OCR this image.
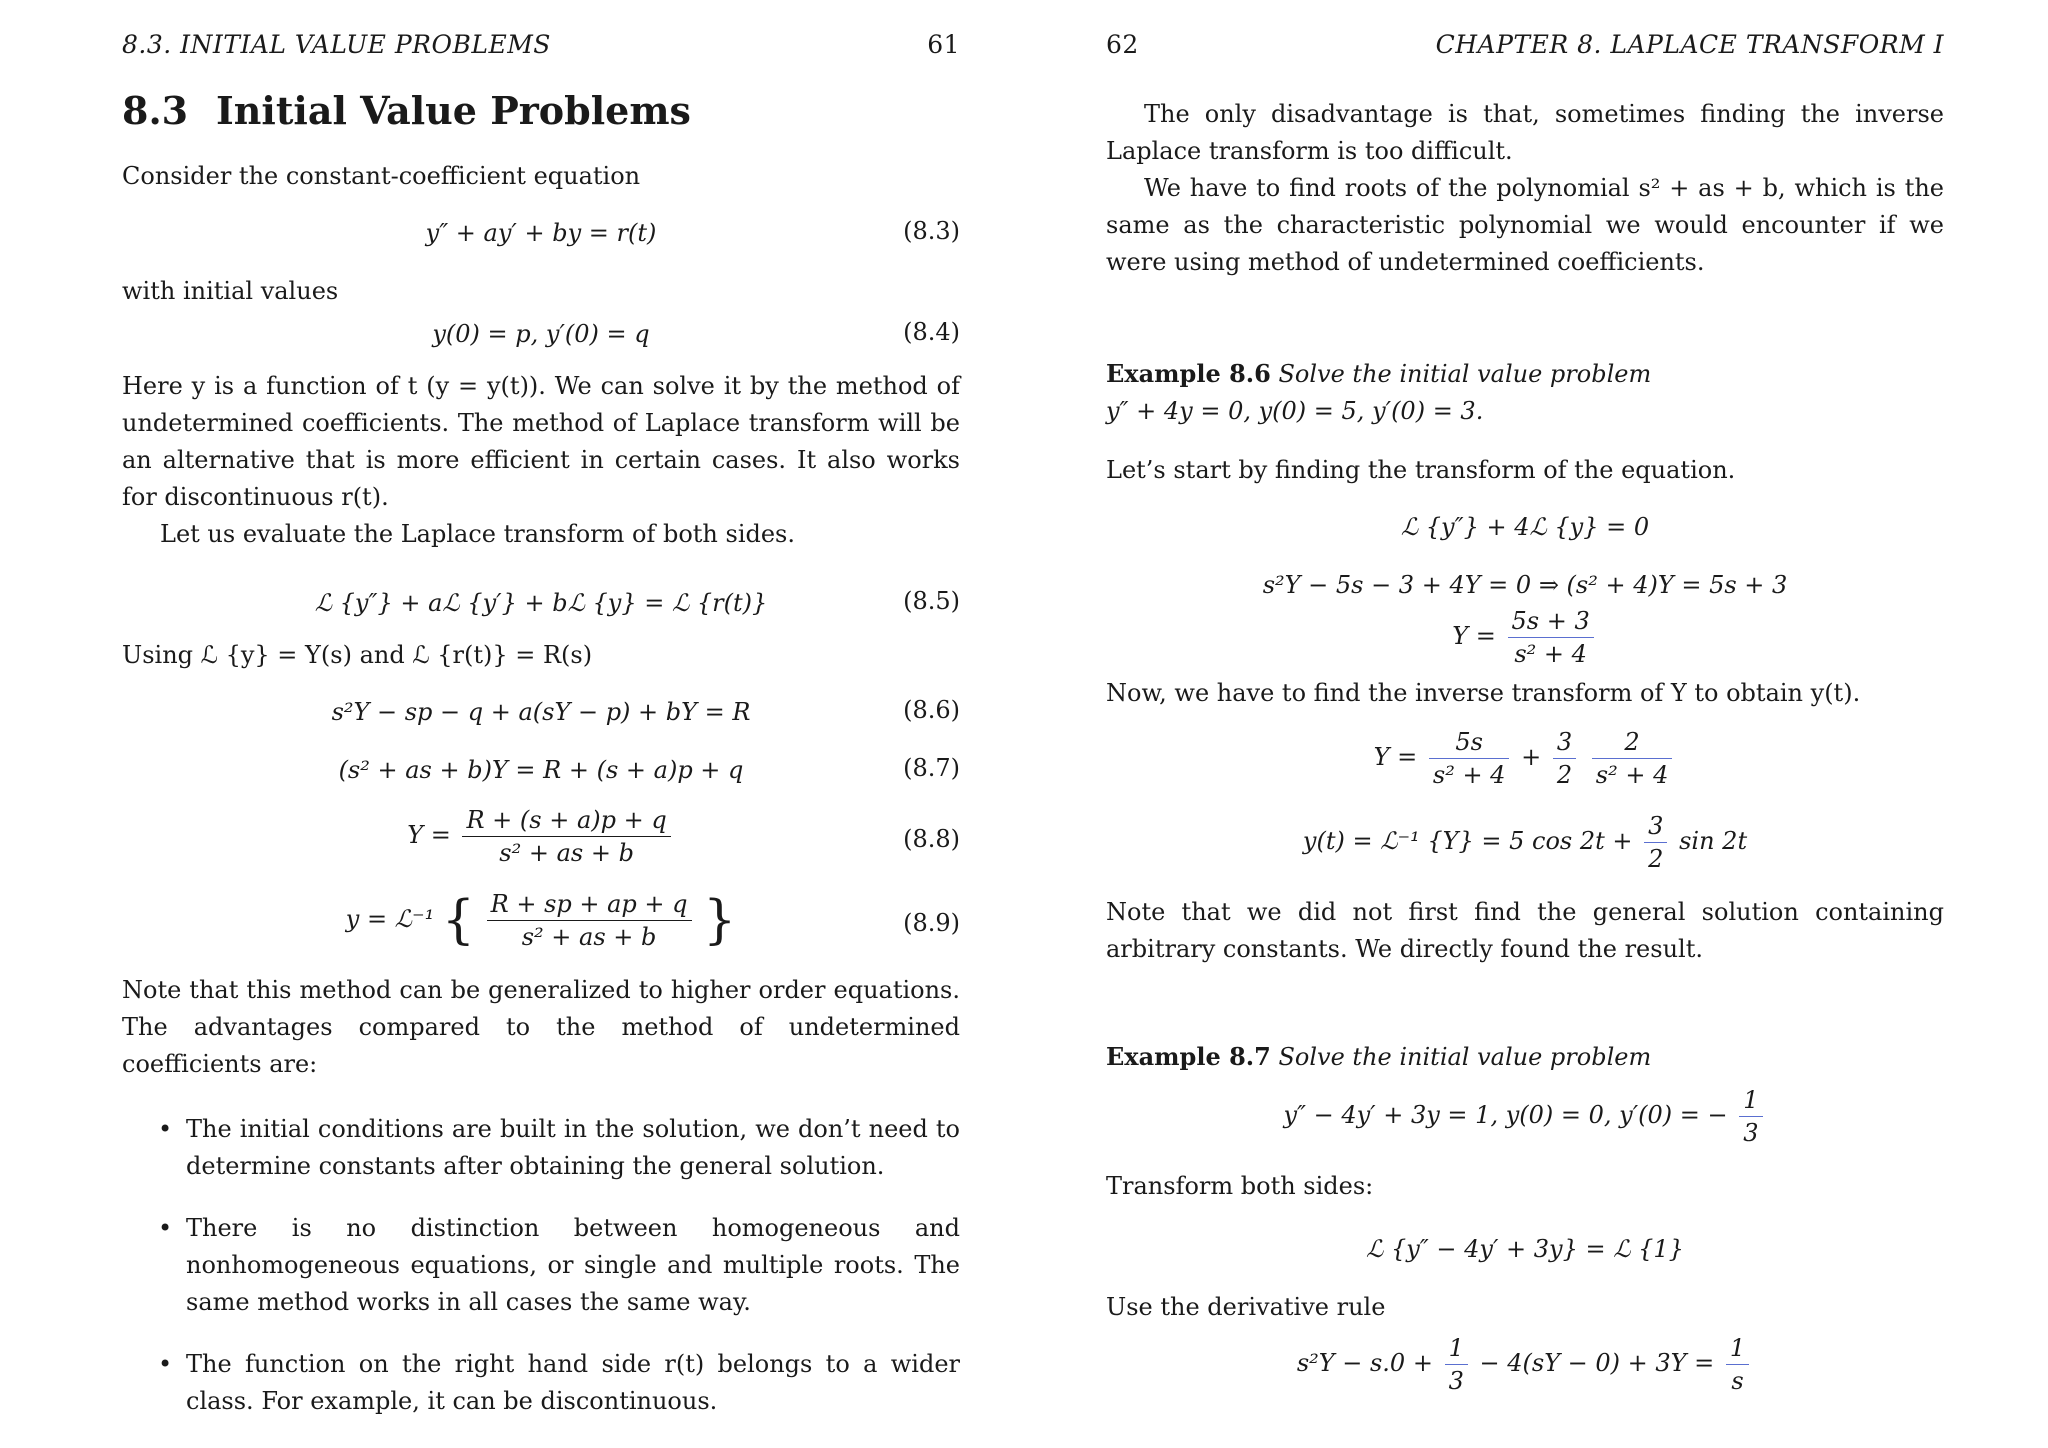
8.3. INITIAL VALUE PROBLEMS	61
8.3 Initial Value Problems

Consider the constant-coefficient equation

y″ + ay′ + by = r(t)	(8.3)

with initial values

y(0) = p, y′(0) = q	(8.4)

Here y is a function of t (y = y(t)). We can solve it by the method of undetermined coefficients. The method of Laplace transform will be an alternative that is more efficient in certain cases. It also works for discontinuous r(t).

Let us evaluate the Laplace transform of both sides.

ℒ {y″} + aℒ {y′} + bℒ {y} = ℒ {r(t)}	(8.5)

Using ℒ {y} = Y(s) and ℒ {r(t)} = R(s)

s²Y − sp − q + a(sY − p) + bY = R	(8.6)
(s² + as + b)Y = R + (s + a)p + q	(8.7)
$Y = \frac{R + (s + a)p + q}{\text{s² + as + b}}$	(8.8)
y = ℒ⁻¹ { $\frac{R + sp + ap + q}{\text{s² + as + b}}$ }	(8.9)

Note that this method can be generalized to higher order equations. The advantages compared to the method of undetermined coefficients are:

• The initial conditions are built in the solution, we don’t need to determine constants after obtaining the general solution.
• There is no distinction between homogeneous and nonhomogeneous equations, or single and multiple roots. The same method works in all cases the same way.
• The function on the right hand side r(t) belongs to a wider class. For example, it can be discontinuous.
62	CHAPTER 8. LAPLACE TRANSFORM I

The only disadvantage is that, sometimes finding the inverse Laplace transform is too difficult.

We have to find roots of the polynomial s² + as + b, which is the same as the characteristic polynomial we would encounter if we were using method of undetermined coefficients.

Example 8.6 Solve the initial value problem

y″ + 4y = 0, y(0) = 5, y′(0) = 3.

Let’s start by finding the transform of the equation.

ℒ {y″} + 4ℒ {y} = 0
s²Y − 5s − 3 + 4Y = 0 ⇒ (s² + 4)Y = 5s + 3
$Y = \frac{5s + 3}{\text{s² + 4}}$

Now, we have to find the inverse transform of Y to obtain y(t).

$Y = \frac{5s}{\text{s² + 4}} + \frac{3}{2}$
$\frac{2}{\text{s² + 4}}$
y(t) = ℒ⁻¹ {Y} = 5 $\cos 2t + \frac{3}{2}$ sin 2t

Note that we did not first find the general solution containing arbitrary constants. We directly found the result.

Example 8.7 Solve the initial value problem
y″ − 4y′ + 3y = 1, y(0) = 0, y′(0) = − $\frac{1}{3}$

Transform both sides:

ℒ {y″ − 4y′ + 3y} = ℒ {1}

Use the derivative rule

$s^2Y - s.0 + \frac{1}{3} - 4(sY - 0) + 3Y = \frac{1}{s}$
